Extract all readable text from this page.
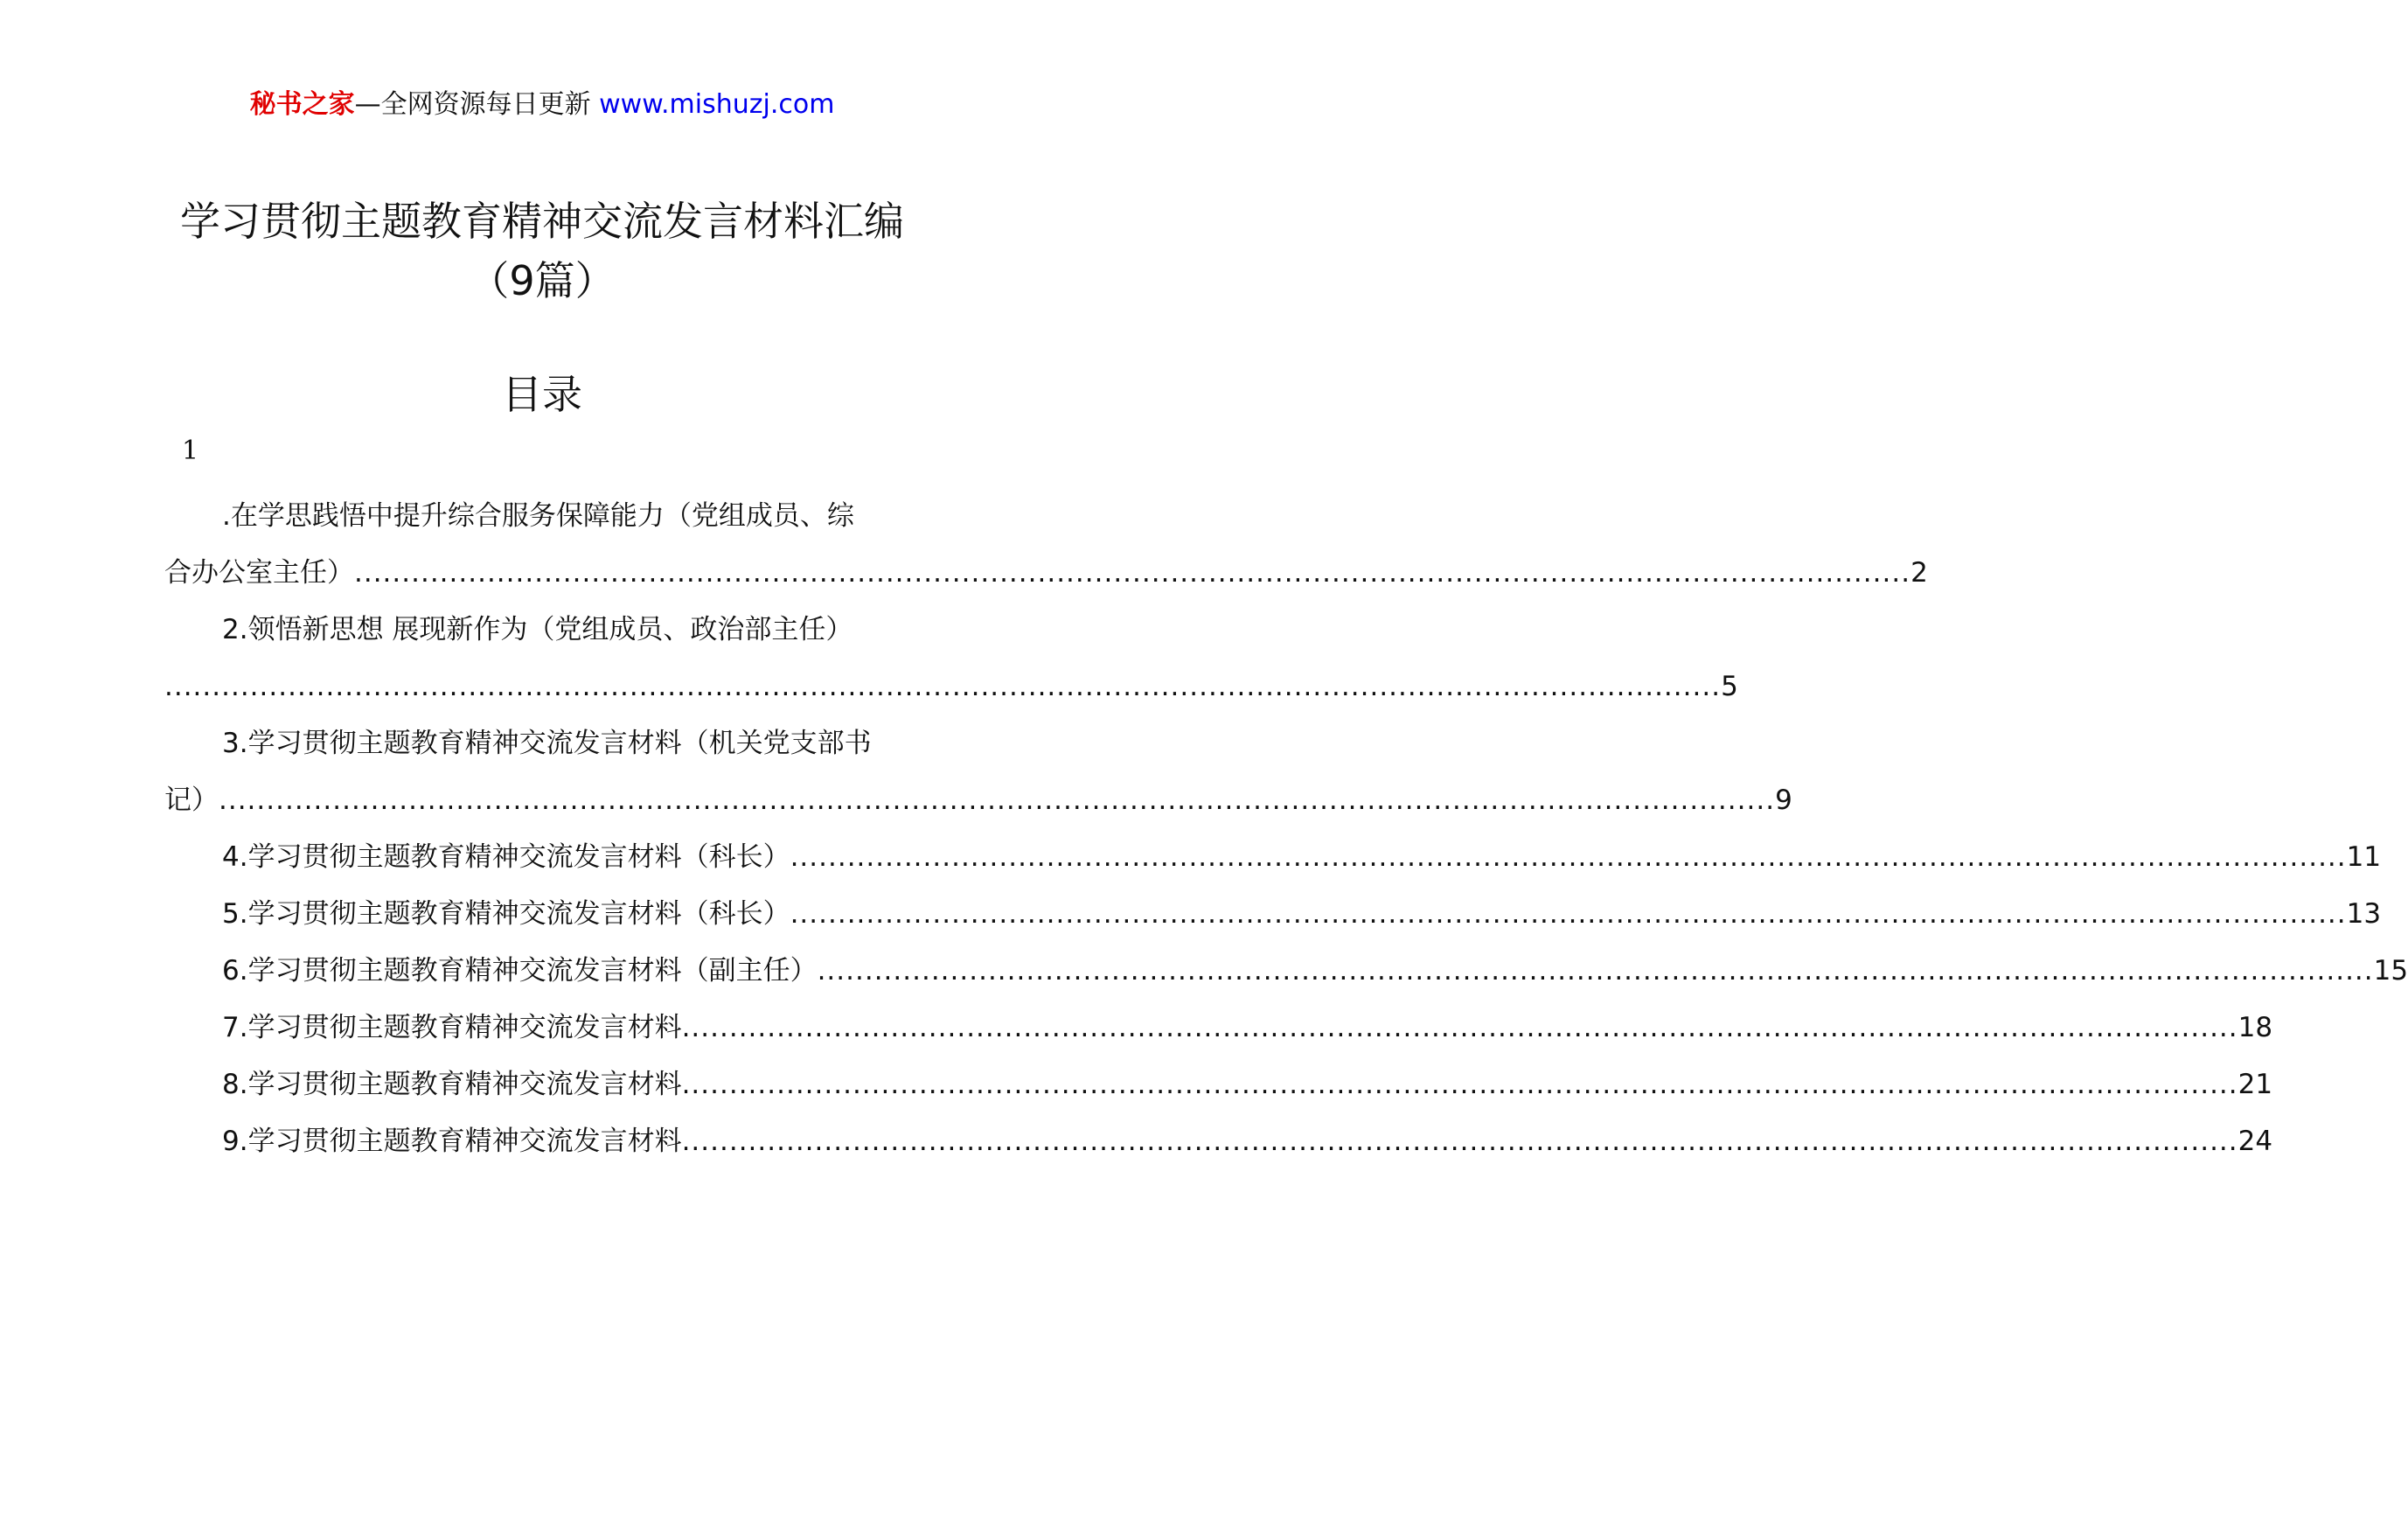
秘书之家—全网资源每日更新 www.mishuzj.com
学习贯彻主题教育精神交流发言材料汇编
（9篇）
目录
1
.在学思践悟中提升综合服务保障能力（党组成员、综
合办公室主任） .................................................................................................................................................................... 2
2.领悟新思想 展现新作为（党组成员、政治部主任）
.................................................................................................................................................................... 5
3.学习贯彻主题教育精神交流发言材料（机关党支部书
记） .................................................................................................................................................................... 9
4.学习贯彻主题教育精神交流发言材料（科长） .................................................................................................................................................................... 11
5.学习贯彻主题教育精神交流发言材料（科长） .................................................................................................................................................................... 13
6.学习贯彻主题教育精神交流发言材料（副主任） .................................................................................................................................................................... 15
7.学习贯彻主题教育精神交流发言材料 .................................................................................................................................................................... 18
8.学习贯彻主题教育精神交流发言材料 .................................................................................................................................................................... 21
9.学习贯彻主题教育精神交流发言材料 .................................................................................................................................................................... 24
